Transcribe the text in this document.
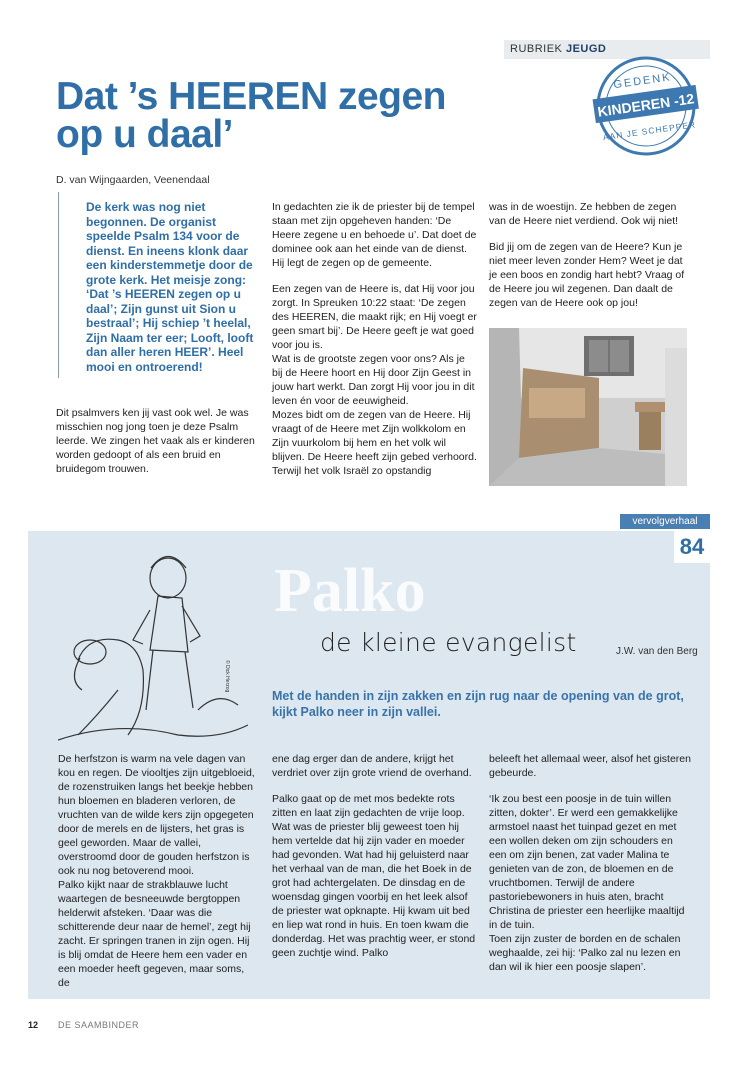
RUBRIEK JEUGD
KINDEREN -12
GEDENK
AAN JE SCHEPPER
Dat ’s HEEREN zegen op u daal’
D. van Wijngaarden, Veenendaal
De kerk was nog niet begonnen. De organist speelde Psalm 134 voor de dienst. En ineens klonk daar een kinderstemmetje door de grote kerk. Het meisje zong: ‘Dat ’s HEEREN zegen op u daal’; Zijn gunst uit Sion u bestraal’; Hij schiep ’t heelal, Zijn Naam ter eer; Looft, looft dan aller heren HEER’. Heel mooi en ontroerend!

Dit psalmvers ken jij vast ook wel. Je was misschien nog jong toen je deze Psalm leerde. We zingen het vaak als er kinderen worden gedoopt of als een bruid en bruidegom trouwen.

In gedachten zie ik de priester bij de tempel staan met zijn opgeheven handen: ‘De Heere zegene u en behoede u’. Dat doet de dominee ook aan het einde van de dienst. Hij legt de zegen op de gemeente.

Een zegen van de Heere is, dat Hij voor jou zorgt. In Spreuken 10:22 staat: ‘De zegen des HEEREN, die maakt rijk; en Hij voegt er geen smart bij’. De Heere geeft je wat goed voor jou is.

Wat is de grootste zegen voor ons? Als je bij de Heere hoort en Hij door Zijn Geest in jouw hart werkt. Dan zorgt Hij voor jou in dit leven én voor de eeuwigheid.

Mozes bidt om de zegen van de Heere. Hij vraagt of de Heere met Zijn wolkkolom en Zijn vuurkolom bij hem en het volk wil blijven. De Heere heeft zijn gebed verhoord. Terwijl het volk Israël zo opstandig

was in de woestijn. Ze hebben de zegen van de Heere niet verdiend. Ook wij niet!

Bid jij om de zegen van de Heere? Kun je niet meer leven zonder Hem? Weet je dat je een boos en zondig hart hebt? Vraag of de Heere jou wil zegenen. Dan daalt de zegen van de Heere ook op jou!

vervolgverhaal
84
© Dick Herzog
Palko
de kleine evangelist	J.W. van den Berg
Met de handen in zijn zakken en zijn rug naar de opening van de grot, kijkt Palko neer in zijn vallei.

De herfstzon is warm na vele dagen van kou en regen. De viooltjes zijn uitgebloeid, de rozenstruiken langs het beekje hebben hun bloemen en bladeren verloren, de vruchten van de wilde kers zijn opgegeten door de merels en de lijsters, het gras is geel geworden. Maar de vallei, overstroomd door de gouden herfstzon is ook nu nog betoverend mooi.

Palko kijkt naar de strakblauwe lucht waartegen de besneeuwde bergtoppen helderwit afsteken. ‘Daar was die schitterende deur naar de hemel’, zegt hij zacht. Er springen tranen in zijn ogen. Hij is blij omdat de Heere hem een vader en een moeder heeft gegeven, maar soms, de

ene dag erger dan de andere, krijgt het verdriet over zijn grote vriend de overhand.

Palko gaat op de met mos bedekte rots zitten en laat zijn gedachten de vrije loop. Wat was de priester blij geweest toen hij hem vertelde dat hij zijn vader en moeder had gevonden. Wat had hij geluisterd naar het verhaal van de man, die het Boek in de grot had achtergelaten. De dinsdag en de woensdag gingen voorbij en het leek alsof de priester wat opknapte. Hij kwam uit bed en liep wat rond in huis. En toen kwam die donderdag. Het was prachtig weer, er stond geen zuchtje wind. Palko

beleeft het allemaal weer, alsof het gisteren gebeurde.

‘Ik zou best een poosje in de tuin willen zitten, dokter’. Er werd een gemakkelijke armstoel naast het tuinpad gezet en met een wollen deken om zijn schouders en een om zijn benen, zat vader Malina te genieten van de zon, de bloemen en de vruchtbomen. Terwijl de andere pastoriebewoners in huis aten, bracht Christina de priester een heerlijke maaltijd in de tuin.

Toen zijn zuster de borden en de schalen weghaalde, zei hij: ‘Palko zal nu lezen en dan wil ik hier een poosje slapen’.

12 DE SAAMBINDER
